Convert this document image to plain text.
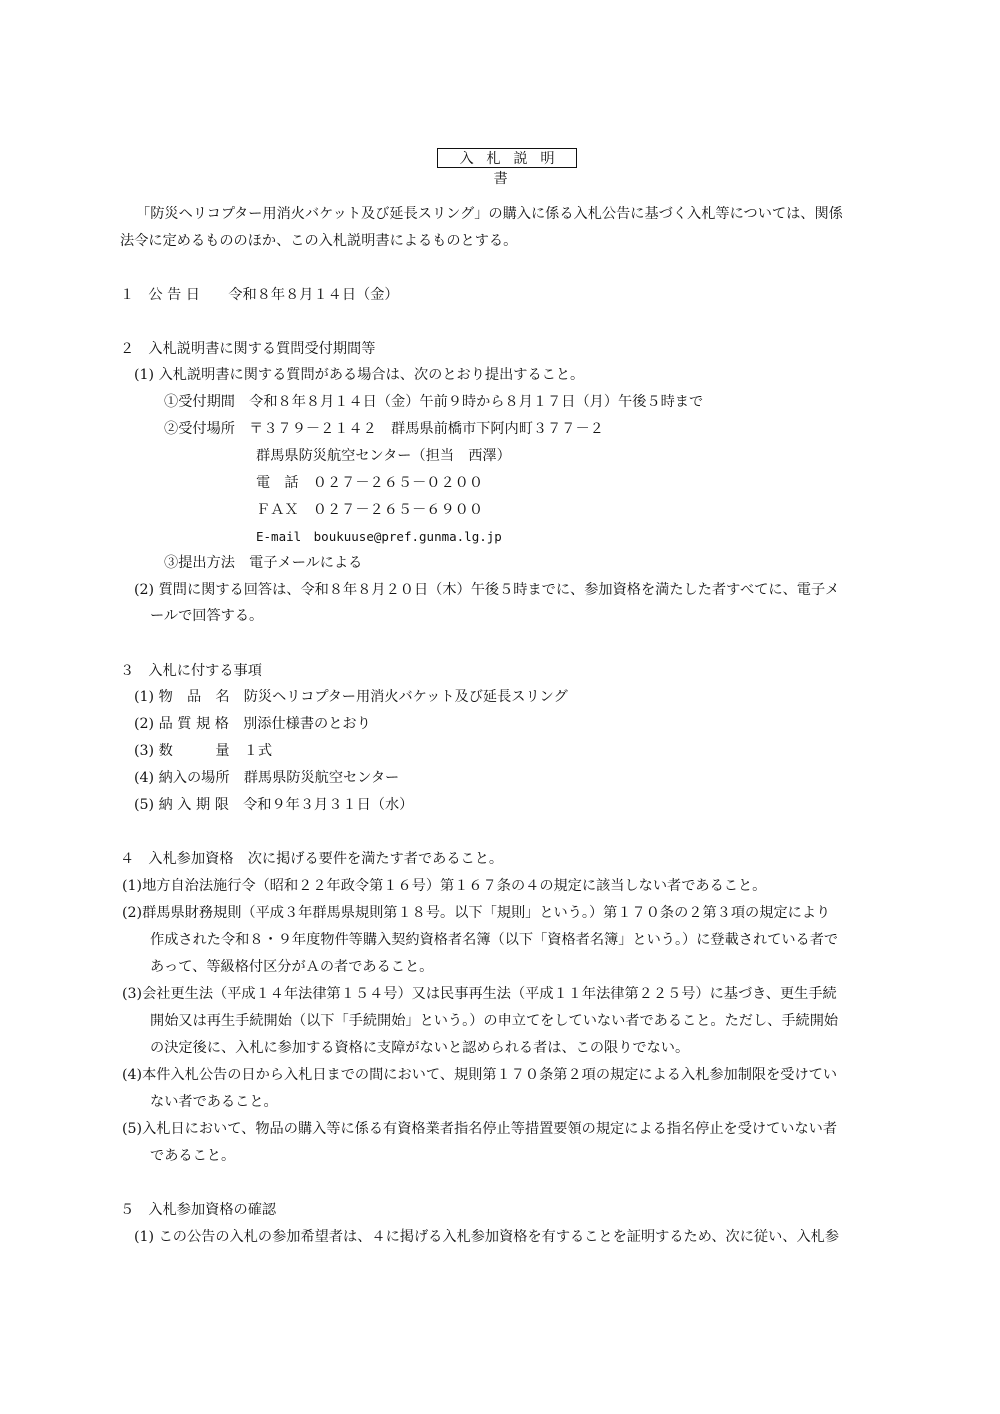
入札説明書
「防災ヘリコプター用消火バケット及び延長スリング」の購入に係る入札公告に基づく入札等については、関係
法令に定めるもののほか、この入札説明書によるものとする。
１　公 告 日　　令和８年８月１４日（金）
２　入札説明書に関する質問受付期間等
(1) 入札説明書に関する質問がある場合は、次のとおり提出すること。
①受付期間　令和８年８月１４日（金）午前９時から８月１７日（月）午後５時まで
②受付場所　〒３７９－２１４２　群馬県前橋市下阿内町３７７－２
群馬県防災航空センター（担当　西澤）
電　話　０２７－２６５－０２００
ＦＡＸ　０２７－２６５－６９００
E-mail　boukuuse@pref.gunma.lg.jp
③提出方法　電子メールによる
(2) 質問に関する回答は、令和８年８月２０日（木）午後５時までに、参加資格を満たした者すべてに、電子メ
ールで回答する。
３　入札に付する事項
(1) 物　品　名　防災ヘリコプター用消火バケット及び延長スリング
(2) 品 質 規 格　別添仕様書のとおり
(3) 数　　　量　１式
(4) 納入の場所　群馬県防災航空センター
(5) 納 入 期 限　令和９年３月３１日（水）
４　入札参加資格　次に掲げる要件を満たす者であること。
(1)地方自治法施行令（昭和２２年政令第１６号）第１６７条の４の規定に該当しない者であること。
(2)群馬県財務規則（平成３年群馬県規則第１８号。以下「規則」という。）第１７０条の２第３項の規定により
作成された令和８・９年度物件等購入契約資格者名簿（以下「資格者名簿」という。）に登載されている者で
あって、等級格付区分がＡの者であること。
(3)会社更生法（平成１４年法律第１５４号）又は民事再生法（平成１１年法律第２２５号）に基づき、更生手続
開始又は再生手続開始（以下「手続開始」という。）の申立てをしていない者であること。ただし、手続開始
の決定後に、入札に参加する資格に支障がないと認められる者は、この限りでない。
(4)本件入札公告の日から入札日までの間において、規則第１７０条第２項の規定による入札参加制限を受けてい
ない者であること。
(5)入札日において、物品の購入等に係る有資格業者指名停止等措置要領の規定による指名停止を受けていない者
であること。
５　入札参加資格の確認
(1) この公告の入札の参加希望者は、４に掲げる入札参加資格を有することを証明するため、次に従い、入札参
